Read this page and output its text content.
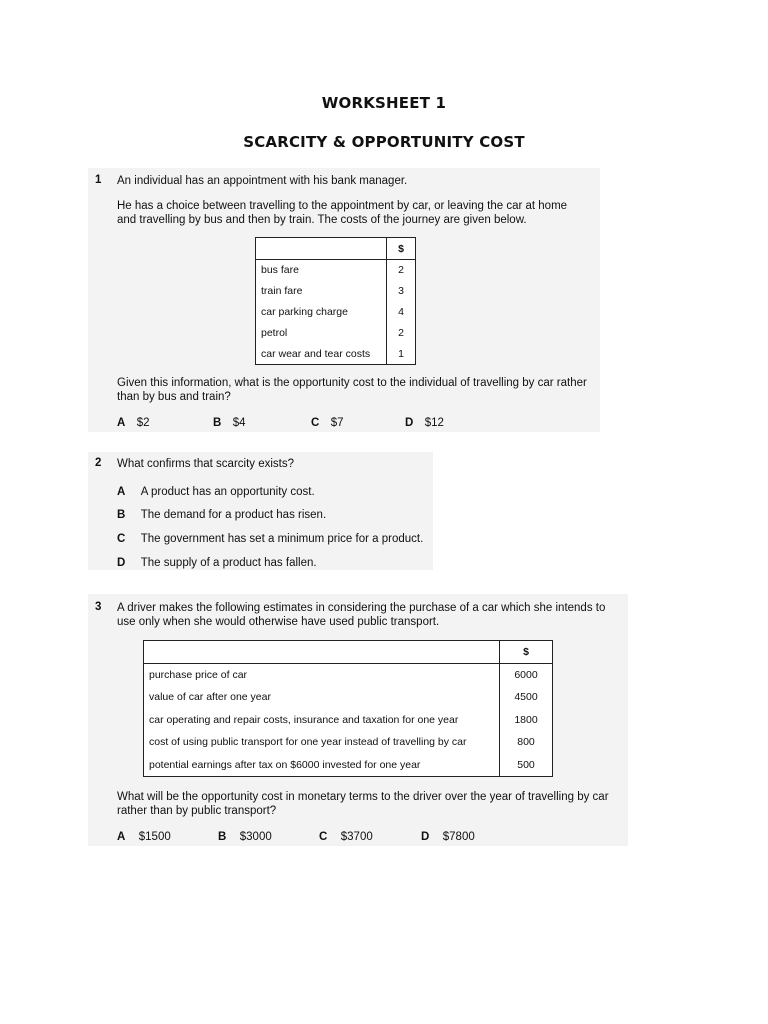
WORKSHEET 1
SCARCITY & OPPORTUNITY COST
1 An individual has an appointment with his bank manager.
He has a choice between travelling to the appointment by car, or leaving the car at home and travelling by bus and then by train. The costs of the journey are given below.
	$
bus fare	2
train fare	3
car parking charge	4
petrol	2
car wear and tear costs	1
Given this information, what is the opportunity cost to the individual of travelling by car rather than by bus and train?
A $2	B $4	C $7	D $12
2 What confirms that scarcity exists?
A A product has an opportunity cost.
B The demand for a product has risen.
C The government has set a minimum price for a product.
D The supply of a product has fallen.
3 A driver makes the following estimates in considering the purchase of a car which she intends to use only when she would otherwise have used public transport.
	$
purchase price of car	6000
value of car after one year	4500
car operating and repair costs, insurance and taxation for one year	1800
cost of using public transport for one year instead of travelling by car	800
potential earnings after tax on $6000 invested for one year	500
What will be the opportunity cost in monetary terms to the driver over the year of travelling by car rather than by public transport?
A $1500	B $3000	C $3700	D $7800
